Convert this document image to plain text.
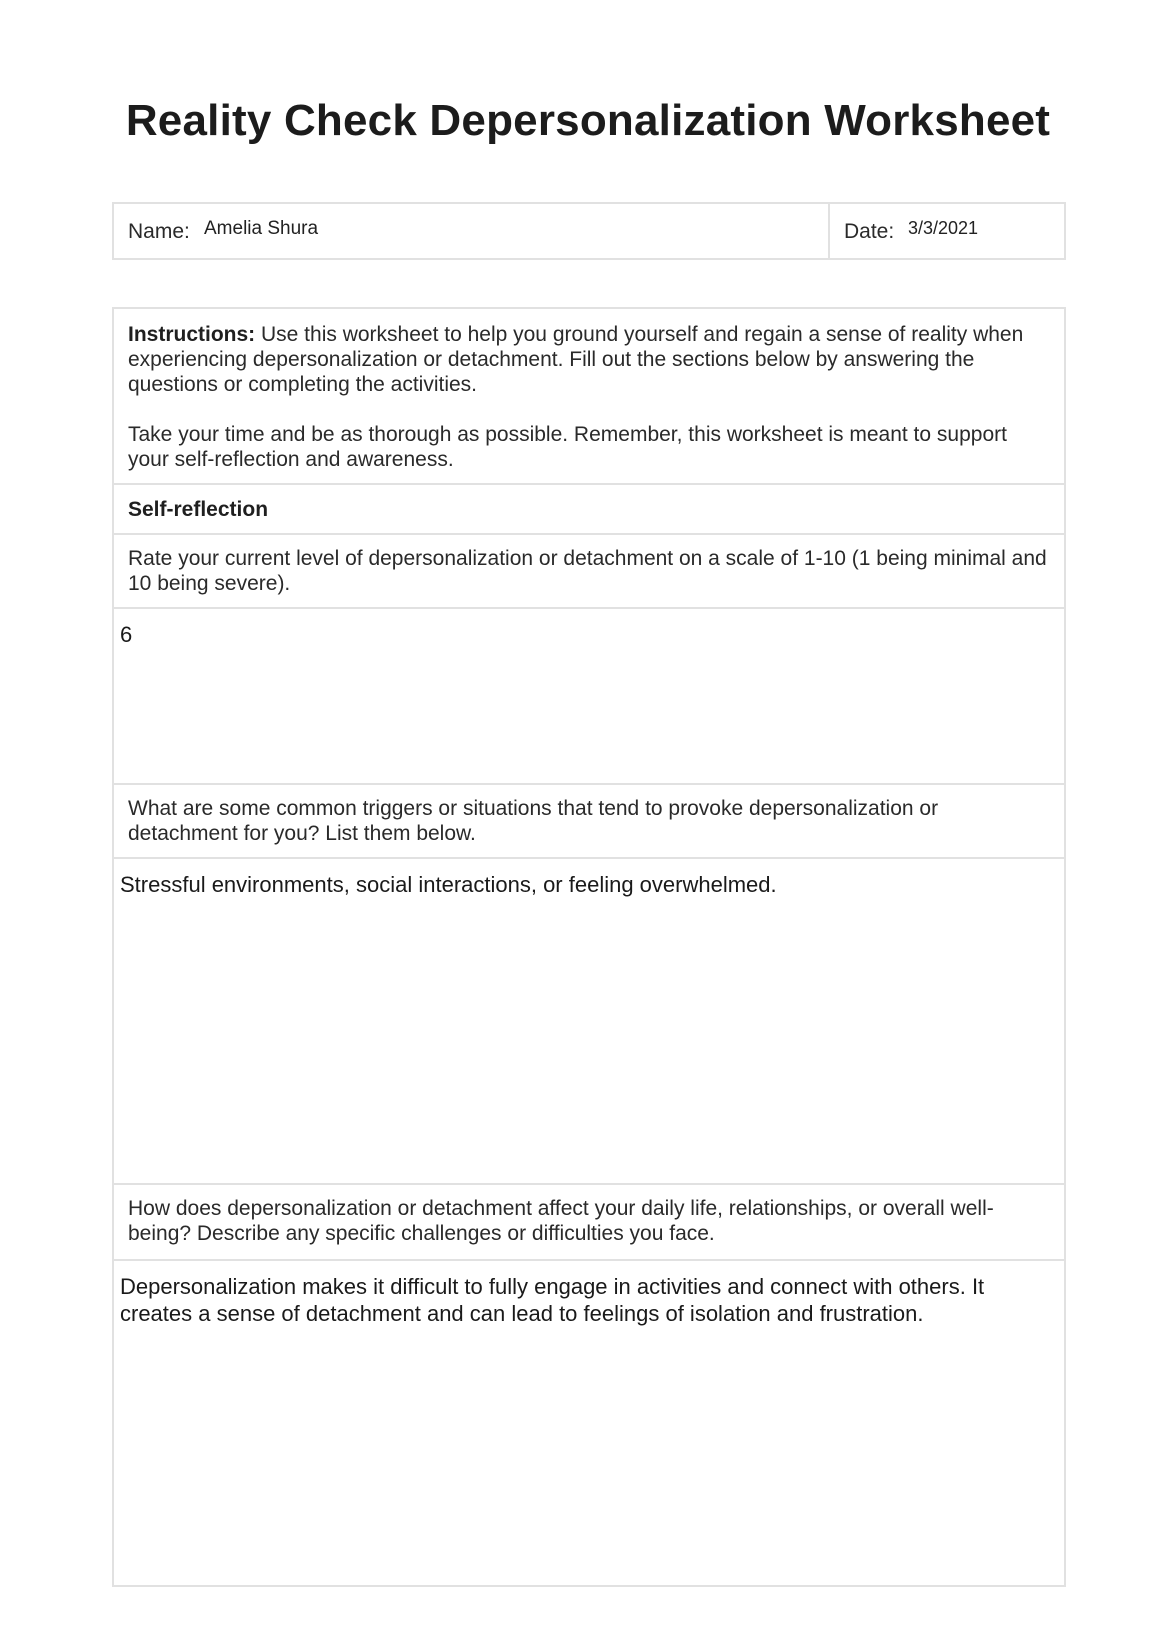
Reality Check Depersonalization Worksheet
Name: Amelia Shura	Date: 3/3/2021

Instructions: Use this worksheet to help you ground yourself and regain a sense of reality when experiencing depersonalization or detachment. Fill out the sections below by answering the questions or completing the activities.

Take your time and be as thorough as possible. Remember, this worksheet is meant to support your self-reflection and awareness.

Self-reflection
Rate your current level of depersonalization or detachment on a scale of 1-10 (1 being minimal and 10 being severe).
6
What are some common triggers or situations that tend to provoke depersonalization or detachment for you? List them below.
Stressful environments, social interactions, or feeling overwhelmed.
How does depersonalization or detachment affect your daily life, relationships, or overall well-being? Describe any specific challenges or difficulties you face.
Depersonalization makes it difficult to fully engage in activities and connect with others. It creates a sense of detachment and can lead to feelings of isolation and frustration.
